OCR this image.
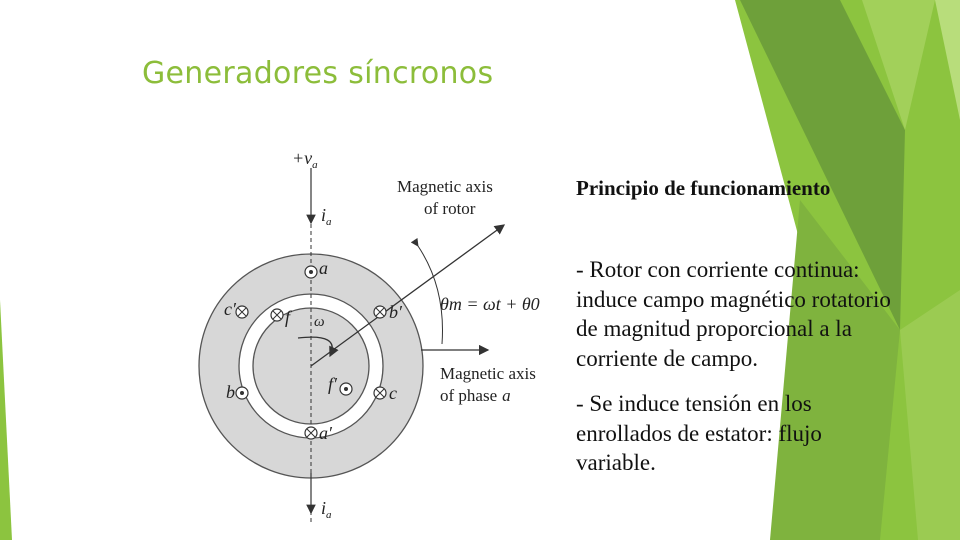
Generadores síncronos
$+v_a$
$i_a$
$i_a$
a
a′
c′	b′
b	c
f
f′
ω
θm = ωt + θ0
Magnetic axis
of rotor
Magnetic axis
of phase a
Principio de funcionamiento

- Rotor con corriente continua: induce campo magnético rotatorio de magnitud proporcional a la corriente de campo.

- Se induce tensión en los enrollados de estator: flujo variable.
